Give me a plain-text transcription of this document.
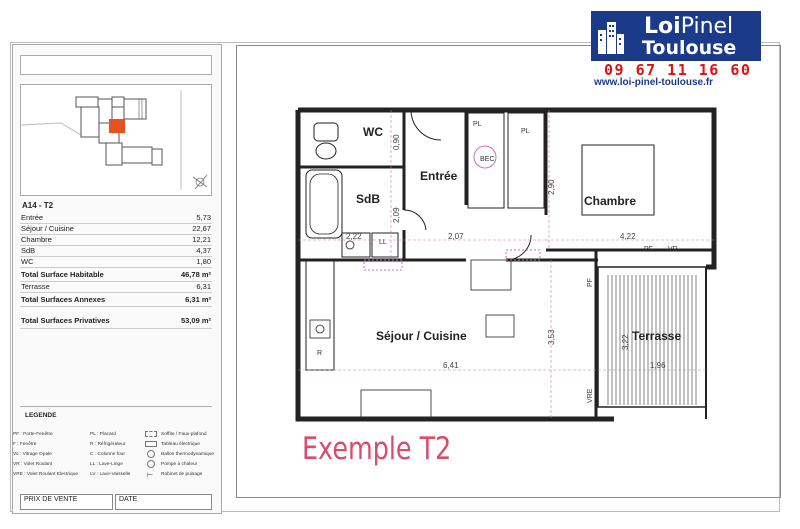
A14 - T2
Entrée	5,73
Séjour / Cuisine	22,67
Chambre	12,21
SdB	4,37
WC	1,80
Total Surface Habitable	46,78 m²
Terrasse	6,31
Total Surfaces Annexes	6,31 m²

Total Surfaces Privatives	53,09 m²
LEGENDE
PF : Porte-Fenêtre
F : Fenêtre
Vo : Vitrage Opale
VR : Volet Roulant
VRE : Volet Roulant Electrique
PL : Placard
R : Réfrigérateur
C : Colonne four
LL : Lave-Linge
LV : Lave-Vaisselle ⊢
Soffite / Faux-plafond
Tableau électrique
Ballon thermodynamique
Pompe à chaleur
Robinet de puisage
PRIX DE VENTE	DATE
LoiPinel
Toulouse
09 67 11 16 60
www.loi-pinel-toulouse.fr
WC
Entrée
SdB	Chambre
Séjour / Cuisine	Terrasse
PL
PL
BEC
LL
PF VR
PF
VRE
R
0,90
2,09
2,90
2,22	2,07	4,22
3,53	3,22
6,41	1,96
Exemple T2
